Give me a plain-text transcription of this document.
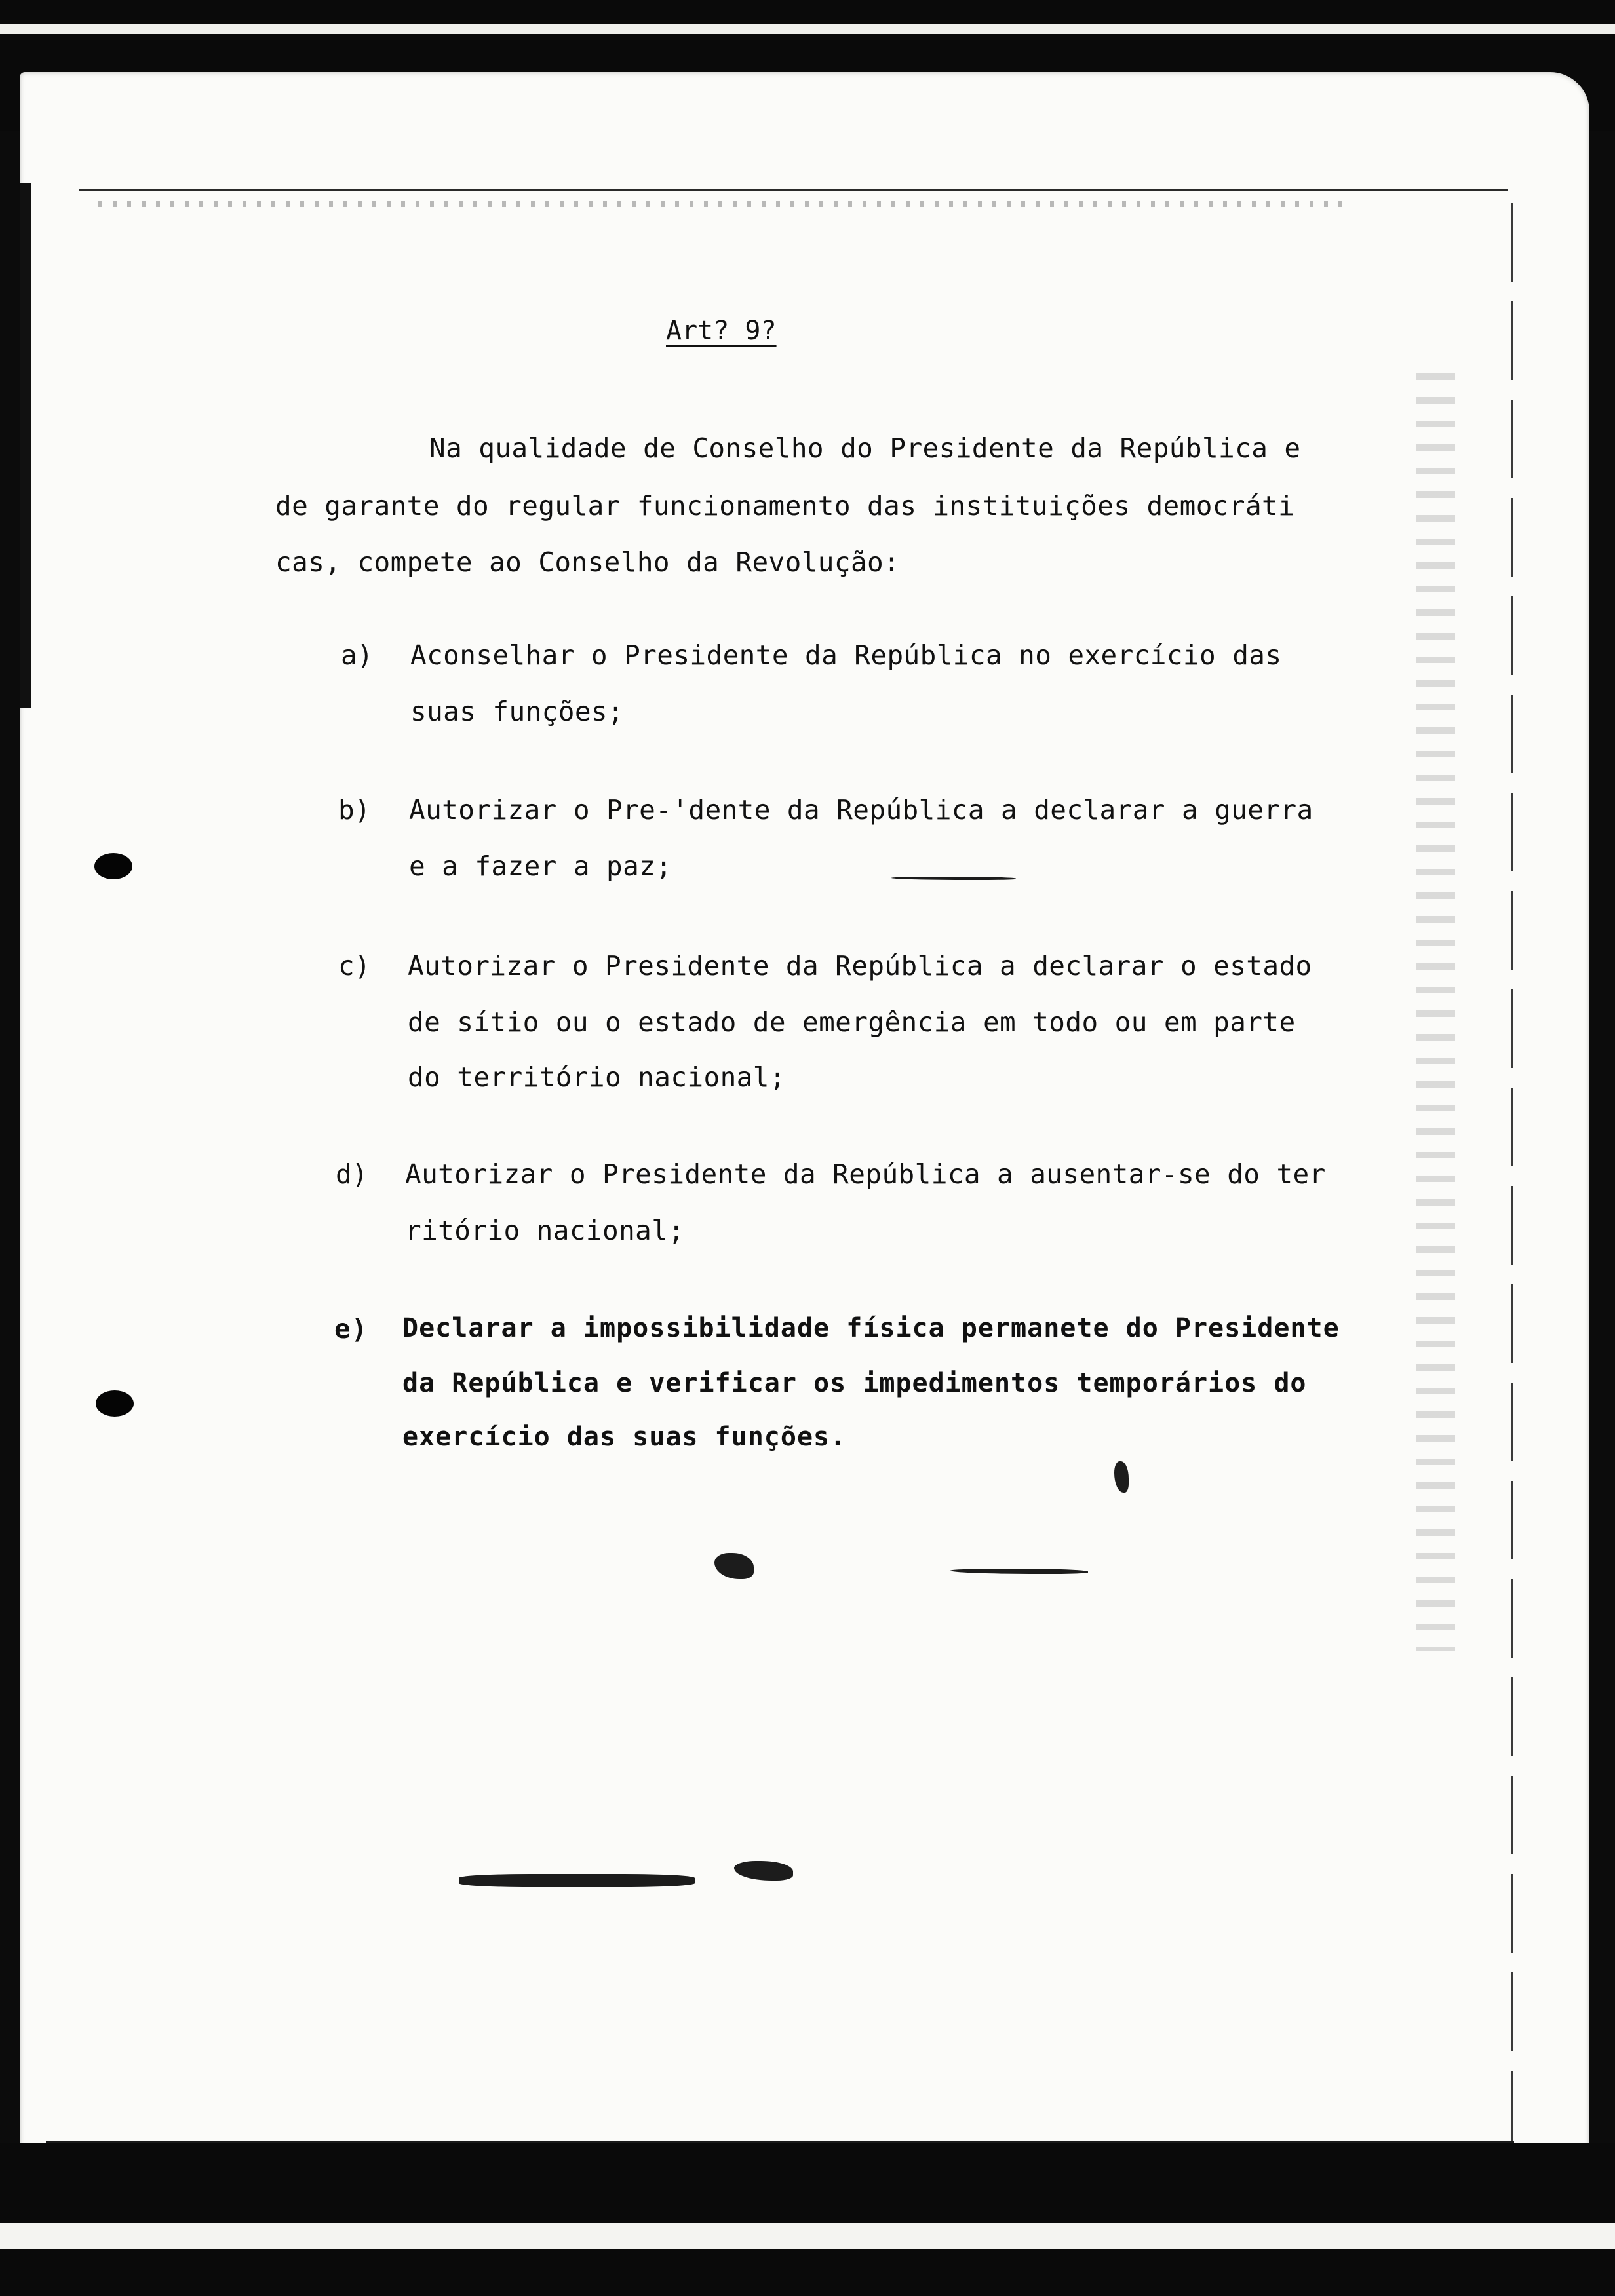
Art? 9?
Na qualidade de Conselho do Presidente da República e
de garante do regular funcionamento das instituições democráti
cas, compete ao Conselho da Revolução:
a) Aconselhar o Presidente da República no exercício das
suas funções;
b) Autorizar o Pre-'dente da República a declarar a guerra
e a fazer a paz;
c) Autorizar o Presidente da República a declarar o estado
de sítio ou o estado de emergência em todo ou em parte
do território nacional;
d) Autorizar o Presidente da República a ausentar-se do ter
ritório nacional;
e) Declarar a impossibilidade física permanete do Presidente
da República e verificar os impedimentos temporários do
exercício das suas funções.
